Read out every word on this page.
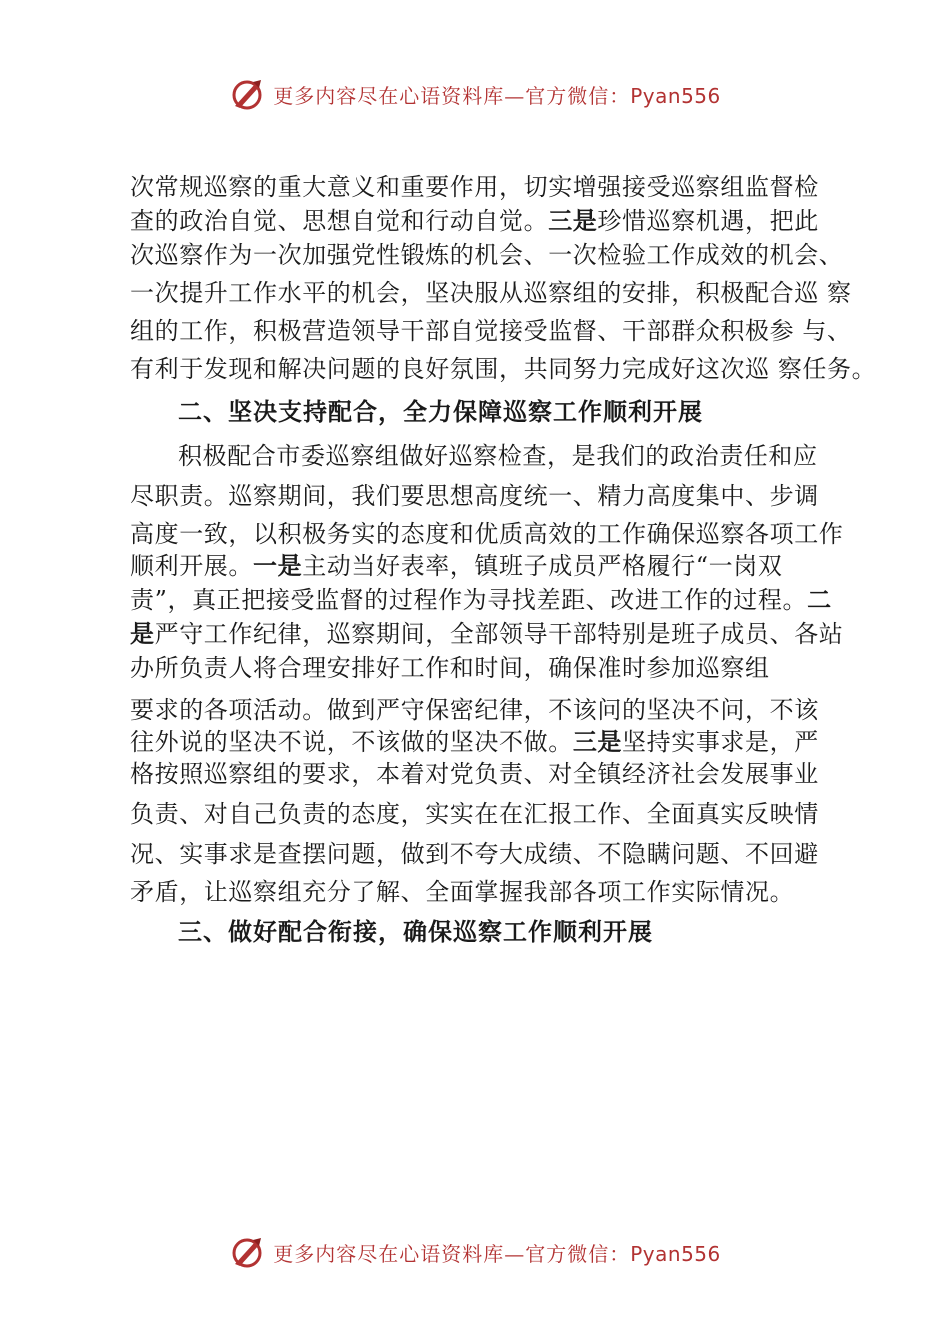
更多内容尽在心语资料库—官方微信：Pyan556
次常规巡察的重大意义和重要作用，切实增强接受巡察组监督检
查的政治自觉、思想自觉和行动自觉。三是珍惜巡察机遇，把此
次巡察作为一次加强党性锻炼的机会、一次检验工作成效的机会、
一次提升工作水平的机会，坚决服从巡察组的安排，积极配合巡 察
组的工作，积极营造领导干部自觉接受监督、干部群众积极参 与、
有利于发现和解决问题的良好氛围，共同努力完成好这次巡 察任务。
二、坚决支持配合，全力保障巡察工作顺利开展
积极配合市委巡察组做好巡察检查，是我们的政治责任和应
尽职责。巡察期间，我们要思想高度统一、精力高度集中、步调
高度一致，以积极务实的态度和优质高效的工作确保巡察各项工作
顺利开展。一是主动当好表率，镇班子成员严格履行“一岗双
责”，真正把接受监督的过程作为寻找差距、改进工作的过程。二
是严守工作纪律，巡察期间，全部领导干部特别是班子成员、各站
办所负责人将合理安排好工作和时间，确保准时参加巡察组
要求的各项活动。做到严守保密纪律，不该问的坚决不问，不该
往外说的坚决不说，不该做的坚决不做。三是坚持实事求是，严
格按照巡察组的要求，本着对党负责、对全镇经济社会发展事业
负责、对自己负责的态度，实实在在汇报工作、全面真实反映情
况、实事求是查摆问题，做到不夸大成绩、不隐瞒问题、不回避
矛盾，让巡察组充分了解、全面掌握我部各项工作实际情况。
三、做好配合衔接，确保巡察工作顺利开展
更多内容尽在心语资料库—官方微信：Pyan556
